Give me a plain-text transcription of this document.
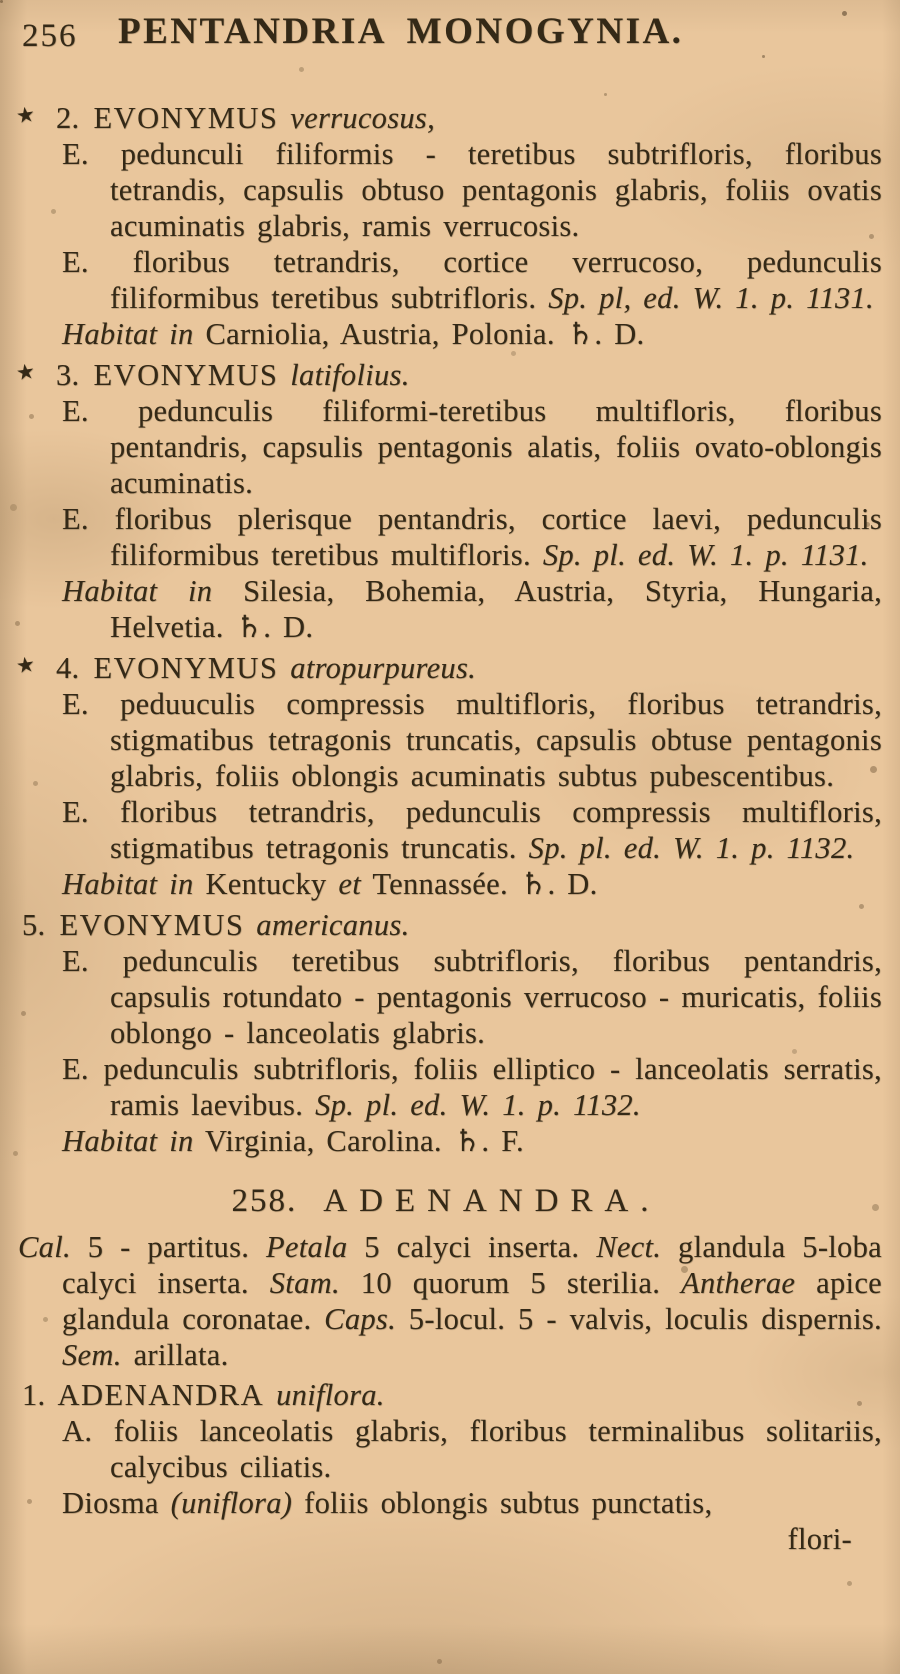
256 PENTANDRIA MONOGYNIA.
★ 2. EVONYMUS verrucosus,
E. pedunculi filiformis - teretibus subtrifloris, floribus tetrandis, capsulis obtuso pentagonis glabris, foliis ovatis acuminatis glabris, ramis verrucosis.
E. floribus tetrandris, cortice verrucoso, pedunculis filiformibus teretibus subtrifloris. Sp. pl, ed. W. 1. p. 1131.
Habitat in Carniolia, Austria, Polonia. ♄. D.
★ 3. EVONYMUS latifolius.
E. pedunculis filiformi-teretibus multifloris, floribus pentandris, capsulis pentagonis alatis, foliis ovato-oblongis acuminatis.
E. floribus plerisque pentandris, cortice laevi, pedunculis filiformibus teretibus multifloris. Sp. pl. ed. W. 1. p. 1131.
Habitat in Silesia, Bohemia, Austria, Styria, Hungaria, Helvetia. ♄. D.
★ 4. EVONYMUS atropurpureus.
E. peduuculis compressis multifloris, floribus tetrandris, stigmatibus tetragonis truncatis, capsulis obtuse pentagonis glabris, foliis oblongis acuminatis subtus pubescentibus.
E. floribus tetrandris, pedunculis compressis multifloris, stigmatibus tetragonis truncatis. Sp. pl. ed. W. 1. p. 1132.
Habitat in Kentucky et Tennassée. ♄. D.
5. EVONYMUS americanus.
E. pedunculis teretibus subtrifloris, floribus pentandris, capsulis rotundato - pentagonis verrucoso - muricatis, foliis oblongo - lanceolatis glabris.
E. pedunculis subtrifloris, foliis elliptico - lanceolatis serratis, ramis laevibus. Sp. pl. ed. W. 1. p. 1132.
Habitat in Virginia, Carolina. ♄. F.
258. ADENANDRA.
Cal. 5 - partitus. Petala 5 calyci inserta. Nect. glandula 5-loba calyci inserta. Stam. 10 quorum 5 sterilia. Antherae apice glandula coronatae. Caps. 5-locul. 5 - valvis, loculis dispernis. Sem. arillata.
1. ADENANDRA uniflora.
A. foliis lanceolatis glabris, floribus terminalibus solitariis, calycibus ciliatis.
Diosma (uniflora) foliis oblongis subtus punctatis,
flori-
